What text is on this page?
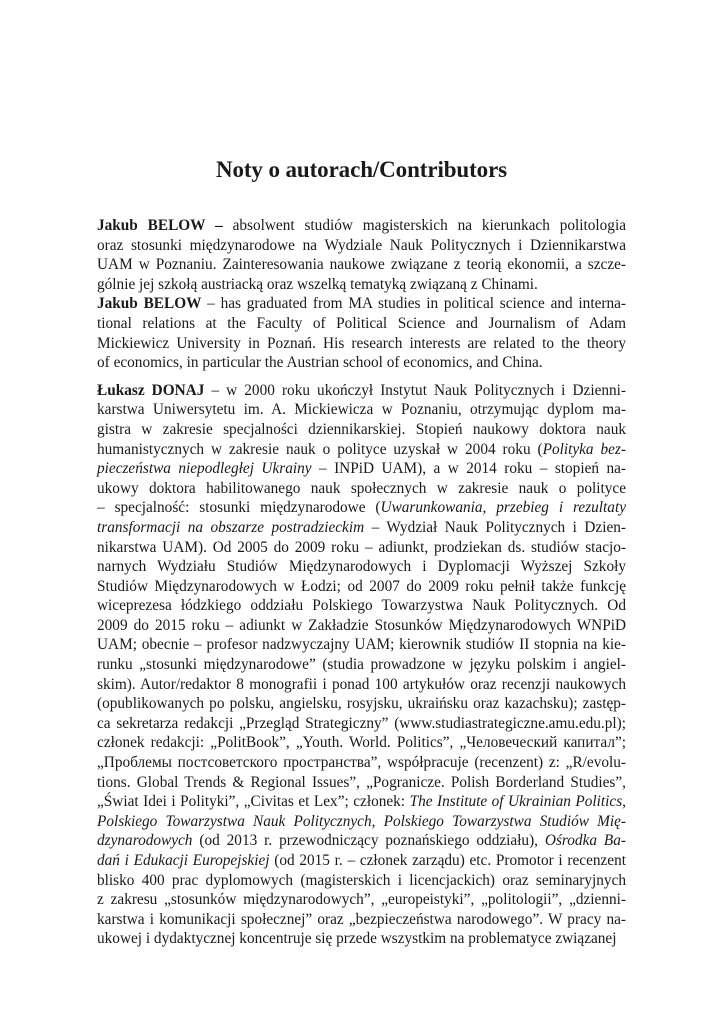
Noty o autorach/Contributors
Jakub BELOW – absolwent studiów magisterskich na kierunkach politologia
oraz stosunki międzynarodowe na Wydziale Nauk Politycznych i Dziennikarstwa
UAM w Poznaniu. Zainteresowania naukowe związane z teorią ekonomii, a szcze-
gólnie jej szkołą austriacką oraz wszelką tematyką związaną z Chinami.
Jakub BELOW – has graduated from MA studies in political science and interna-
tional relations at the Faculty of Political Science and Journalism of Adam
Mickiewicz University in Poznań. His research interests are related to the theory
of economics, in particular the Austrian school of economics, and China.
Łukasz DONAJ – w 2000 roku ukończył Instytut Nauk Politycznych i Dzienni-
karstwa Uniwersytetu im. A. Mickiewicza w Poznaniu, otrzymując dyplom ma-
gistra w zakresie specjalności dziennikarskiej. Stopień naukowy doktora nauk
humanistycznych w zakresie nauk o polityce uzyskał w 2004 roku (Polityka bez-
pieczeństwa niepodległej Ukrainy – INPiD UAM), a w 2014 roku – stopień na-
ukowy doktora habilitowanego nauk społecznych w zakresie nauk o polityce
– specjalność: stosunki międzynarodowe (Uwarunkowania, przebieg i rezultaty
transformacji na obszarze postradzieckim – Wydział Nauk Politycznych i Dzien-
nikarstwa UAM). Od 2005 do 2009 roku – adiunkt, prodziekan ds. studiów stacjo-
narnych Wydziału Studiów Międzynarodowych i Dyplomacji Wyższej Szkoły
Studiów Międzynarodowych w Łodzi; od 2007 do 2009 roku pełnił także funkcję
wiceprezesa łódzkiego oddziału Polskiego Towarzystwa Nauk Politycznych. Od
2009 do 2015 roku – adiunkt w Zakładzie Stosunków Międzynarodowych WNPiD
UAM; obecnie – profesor nadzwyczajny UAM; kierownik studiów II stopnia na kie-
runku „stosunki międzynarodowe” (studia prowadzone w języku polskim i angiel-
skim). Autor/redaktor 8 monografii i ponad 100 artykułów oraz recenzji naukowych
(opublikowanych po polsku, angielsku, rosyjsku, ukraińsku oraz kazachsku); zastęp-
ca sekretarza redakcji „Przegląd Strategiczny” (www.studiastrategiczne.amu.edu.pl);
członek redakcji: „PolitBook”, „Youth. World. Politics”, „Человеческий капитал”;
„Проблемы постсоветского пространства”, współpracuje (recenzent) z: „R/evolu-
tions. Global Trends & Regional Issues”, „Pogranicze. Polish Borderland Studies”,
„Świat Idei i Polityki”, „Civitas et Lex”; członek: The Institute of Ukrainian Politics,
Polskiego Towarzystwa Nauk Politycznych, Polskiego Towarzystwa Studiów Mię-
dzynarodowych (od 2013 r. przewodniczący poznańskiego oddziału), Ośrodka Ba-
dań i Edukacji Europejskiej (od 2015 r. – członek zarządu) etc. Promotor i recenzent
blisko 400 prac dyplomowych (magisterskich i licencjackich) oraz seminaryjnych
z zakresu „stosunków międzynarodowych”, „europeistyki”, „politologii”, „dzienni-
karstwa i komunikacji społecznej” oraz „bezpieczeństwa narodowego”. W pracy na-
ukowej i dydaktycznej koncentruje się przede wszystkim na problematyce związanej
